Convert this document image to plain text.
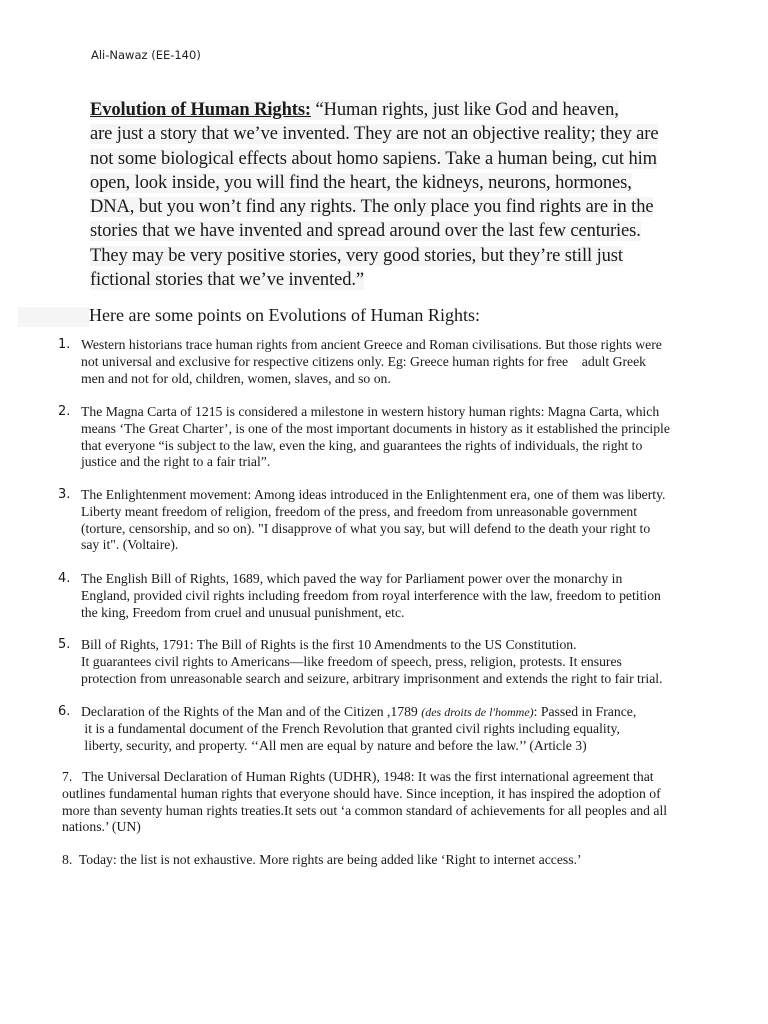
Ali-Nawaz (EE-140)
Evolution of Human Rights: “Human rights, just like God and heaven,
are just a story that we’ve invented. They are not an objective reality; they are
not some biological effects about homo sapiens. Take a human being, cut him
open, look inside, you will find the heart, the kidneys, neurons, hormones,
DNA, but you won’t find any rights. The only place you find rights are in the
stories that we have invented and spread around over the last few centuries.
They may be very positive stories, very good stories, but they’re still just
fictional stories that we’ve invented.”
Here are some points on Evolutions of Human Rights:
1. Western historians trace human rights from ancient Greece and Roman civilisations. But those rights were
not universal and exclusive for respective citizens only. Eg: Greece human rights for free    adult Greek
men and not for old, children, women, slaves, and so on.
2. The Magna Carta of 1215 is considered a milestone in western history human rights: Magna Carta, which
means ‘The Great Charter’, is one of the most important documents in history as it established the principle
that everyone “is subject to the law, even the king, and guarantees the rights of individuals, the right to
justice and the right to a fair trial”.
3. The Enlightenment movement: Among ideas introduced in the Enlightenment era, one of them was liberty.
Liberty meant freedom of religion, freedom of the press, and freedom from unreasonable government
(torture, censorship, and so on). "I disapprove of what you say, but will defend to the death your right to
say it". (Voltaire).
4. The English Bill of Rights, 1689, which paved the way for Parliament power over the monarchy in
England, provided civil rights including freedom from royal interference with the law, freedom to petition
the king, Freedom from cruel and unusual punishment, etc.
5. Bill of Rights, 1791: The Bill of Rights is the first 10 Amendments to the US Constitution.
It guarantees civil rights to Americans—like freedom of speech, press, religion, protests. It ensures
protection from unreasonable search and seizure, arbitrary imprisonment and extends the right to fair trial.
6. Declaration of the Rights of the Man and of the Citizen ,1789 (des droits de l'homme): Passed in France,
it is a fundamental document of the French Revolution that granted civil rights including equality,
liberty, security, and property. ‘‘All men are equal by nature and before the law.’’ (Article 3)
7.   The Universal Declaration of Human Rights (UDHR), 1948: It was the first international agreement that
outlines fundamental human rights that everyone should have. Since inception, it has inspired the adoption of
more than seventy human rights treaties.It sets out ‘a common standard of achievements for all peoples and all
nations.’ (UN)
8.  Today: the list is not exhaustive. More rights are being added like ‘Right to internet access.’
